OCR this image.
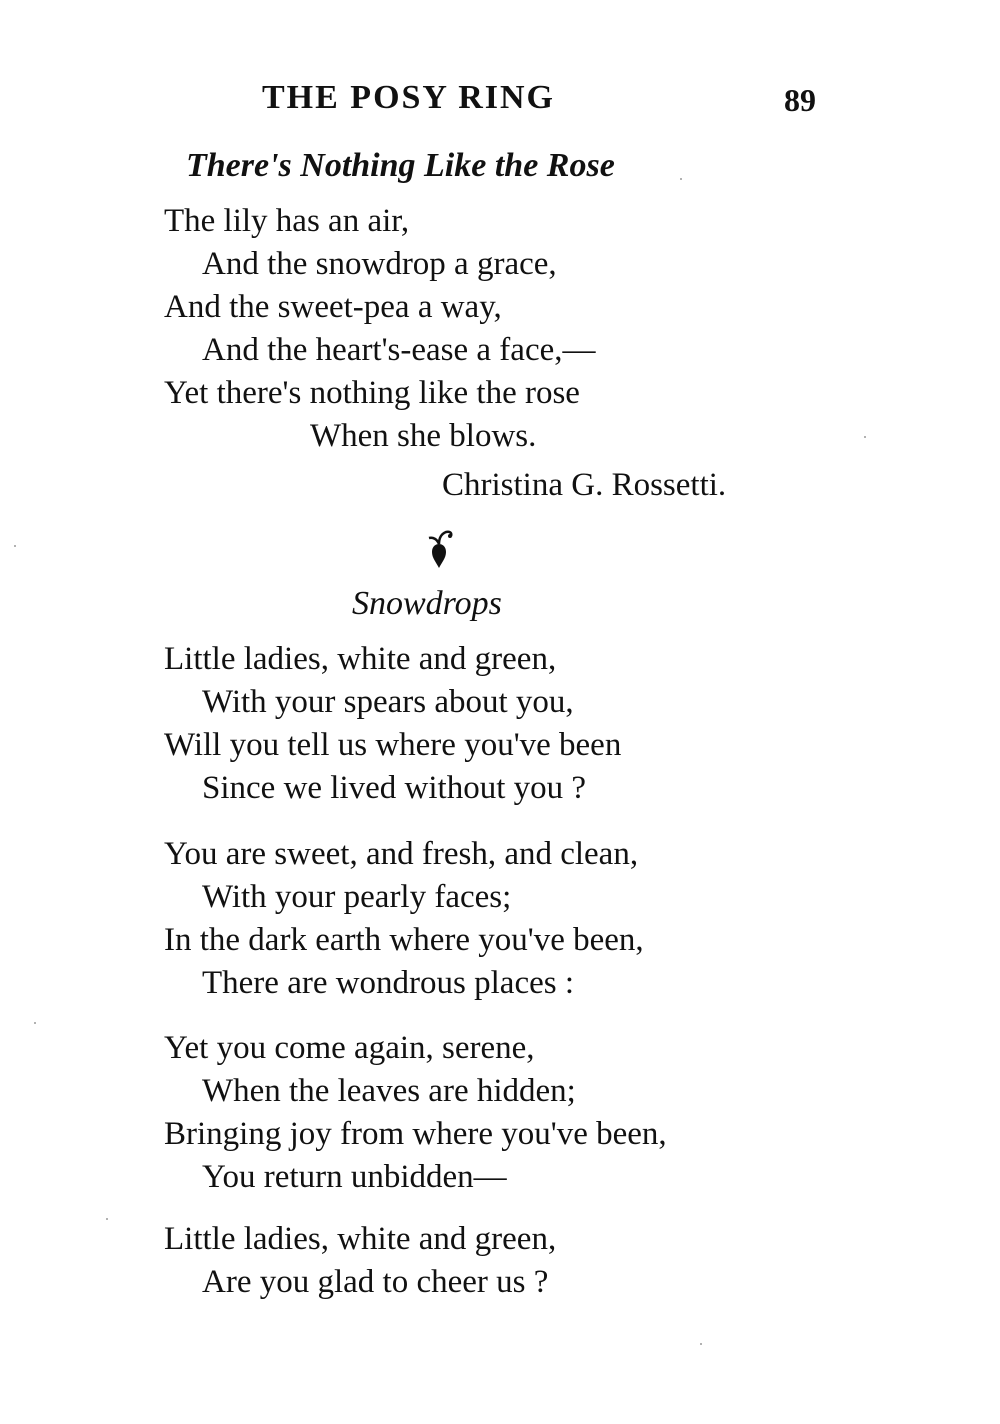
THE POSY RING	89
There's Nothing Like the Rose
The lily has an air,
And the snowdrop a grace,
And the sweet-pea a way,
And the heart's-ease a face,—
Yet there's nothing like the rose
When she blows.
Christina G. Rossetti.
Snowdrops
Little ladies, white and green,
With your spears about you,
Will you tell us where you've been
Since we lived without you ?
You are sweet, and fresh, and clean,
With your pearly faces;
In the dark earth where you've been,
There are wondrous places :
Yet you come again, serene,
When the leaves are hidden;
Bringing joy from where you've been,
You return unbidden—
Little ladies, white and green,
Are you glad to cheer us ?
